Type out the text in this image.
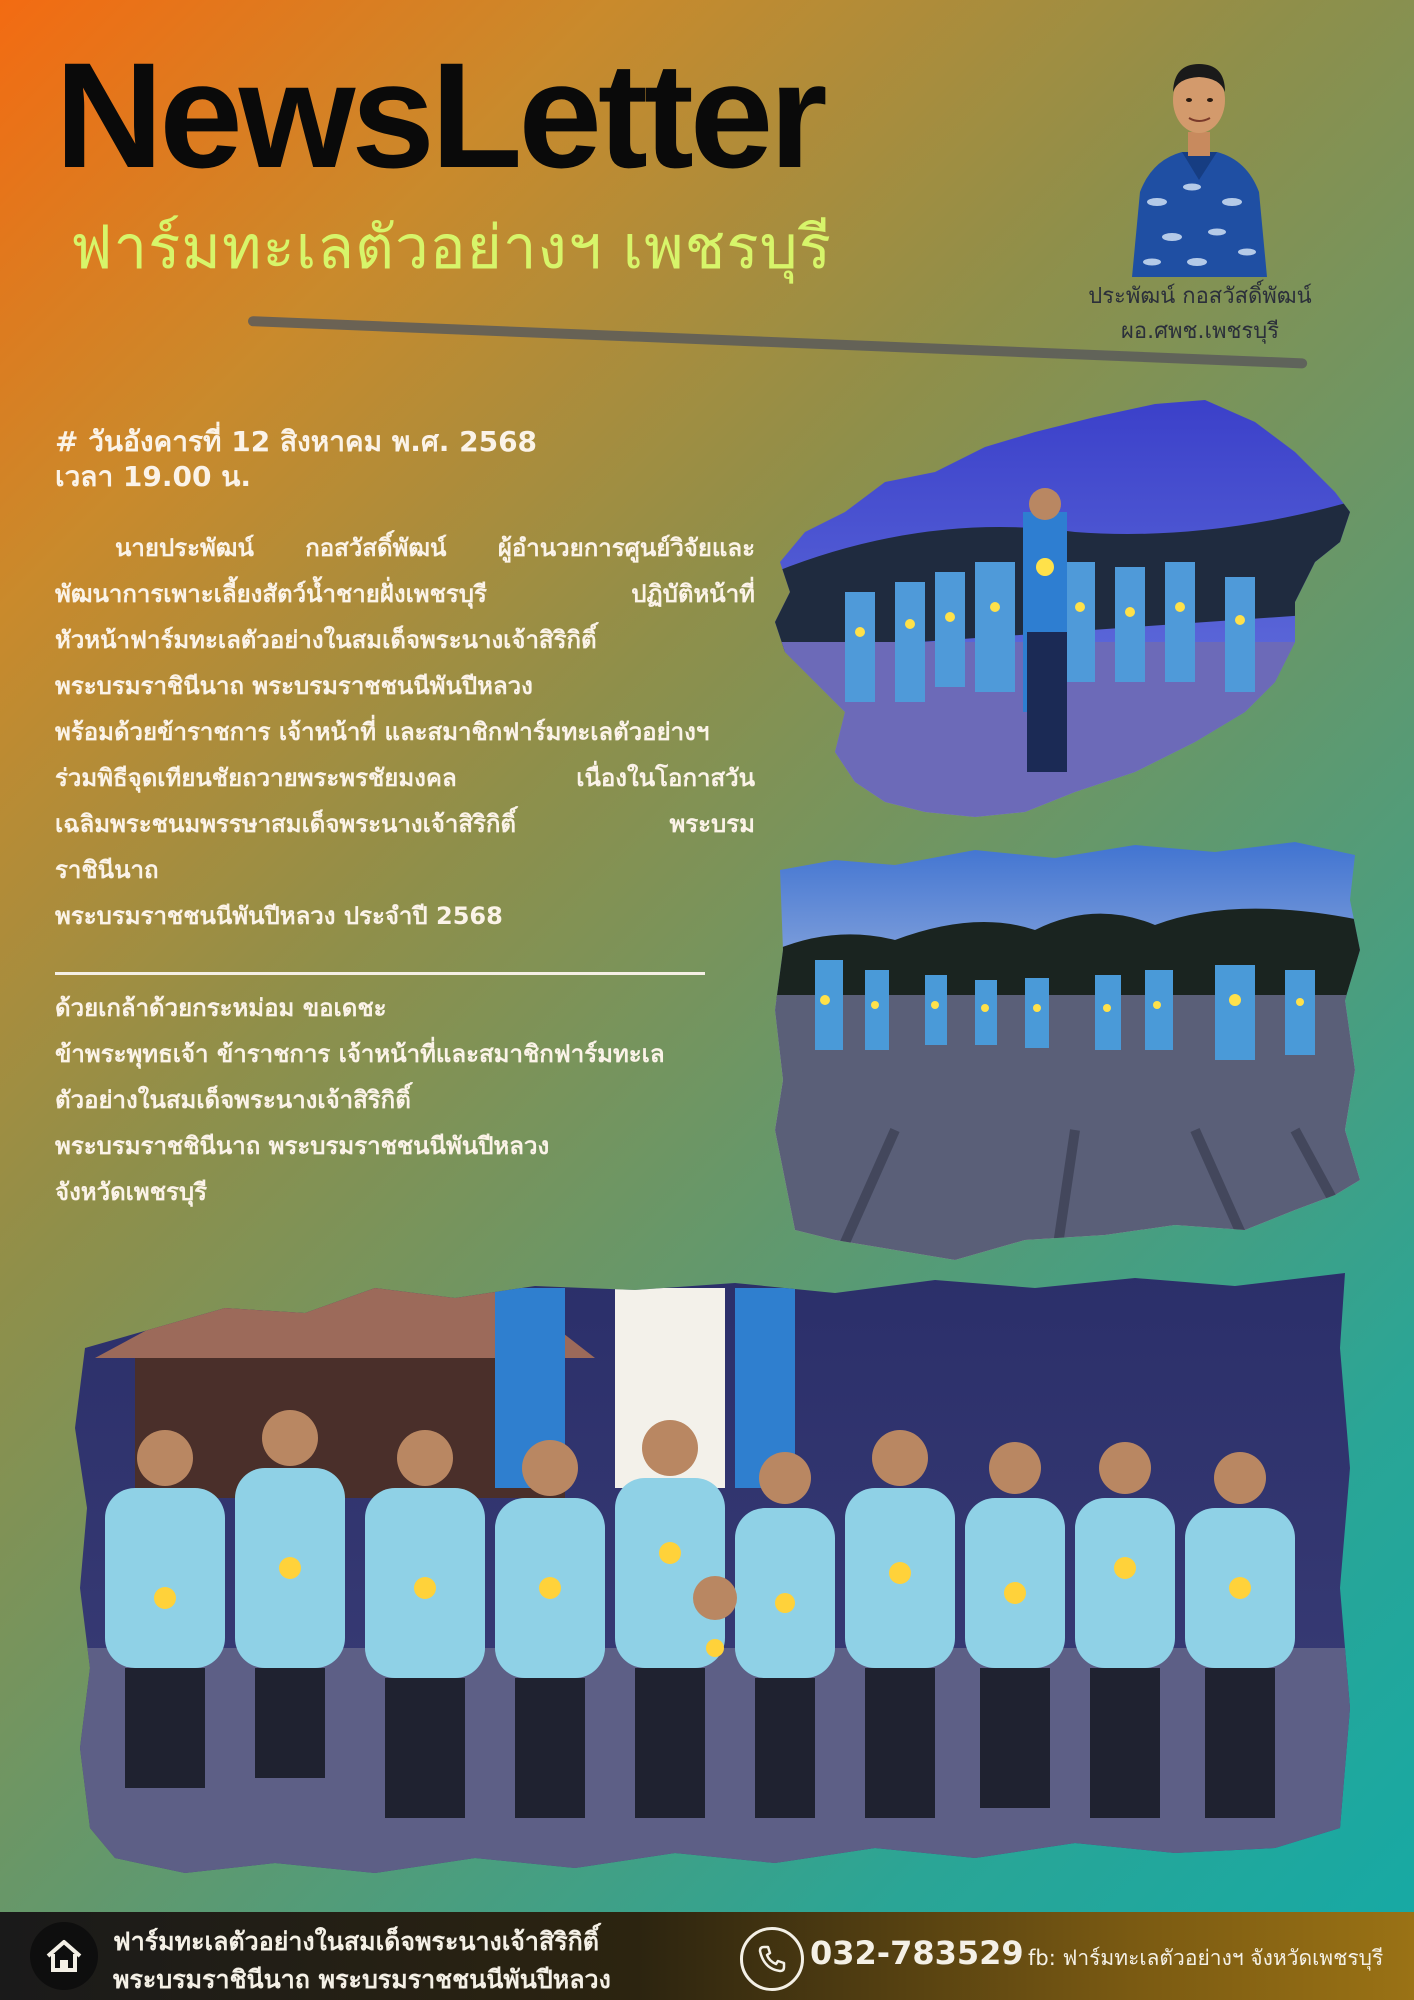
NewsLetter
ฟาร์มทะเลตัวอย่างฯ เพชรบุรี
ประพัฒน์ กอสวัสดิ์พัฒน์
ผอ.ศพช.เพชรบุรี
# วันอังคารที่ 12 สิงหาคม พ.ศ. 2568
เวลา 19.00 น.

นายประพัฒน์ กอสวัสดิ์พัฒน์ ผู้อำนวยการศูนย์วิจัยและ

พัฒนาการเพาะเลี้ยงสัตว์น้ำชายฝั่งเพชรบุรี ปฏิบัติหน้าที่

หัวหน้าฟาร์มทะเลตัวอย่างในสมเด็จพระนางเจ้าสิริกิติ์

พระบรมราชินีนาถ พระบรมราชชนนีพันปีหลวง

พร้อมด้วยข้าราชการ เจ้าหน้าที่ และสมาชิกฟาร์มทะเลตัวอย่างฯ

ร่วมพิธีจุดเทียนชัยถวายพระพรชัยมงคล เนื่องในโอกาสวัน

เฉลิมพระชนมพรรษาสมเด็จพระนางเจ้าสิริกิติ์ พระบรม

ราชินีนาถ

พระบรมราชชนนีพันปีหลวง ประจำปี 2568

ด้วยเกล้าด้วยกระหม่อม ขอเดชะ

ข้าพระพุทธเจ้า ข้าราชการ เจ้าหน้าที่และสมาชิกฟาร์มทะเล

ตัวอย่างในสมเด็จพระนางเจ้าสิริกิติ์

พระบรมราชชินีนาถ พระบรมราชชนนีพันปีหลวง

จังหวัดเพชรบุรี

ฟาร์มทะเลตัวอย่างในสมเด็จพระนางเจ้าสิริกิติ์
พระบรมราชินีนาถ พระบรมราชชนนีพันปีหลวง
032-783529 fb: ฟาร์มทะเลตัวอย่างฯ จังหวัดเพชรบุรี
